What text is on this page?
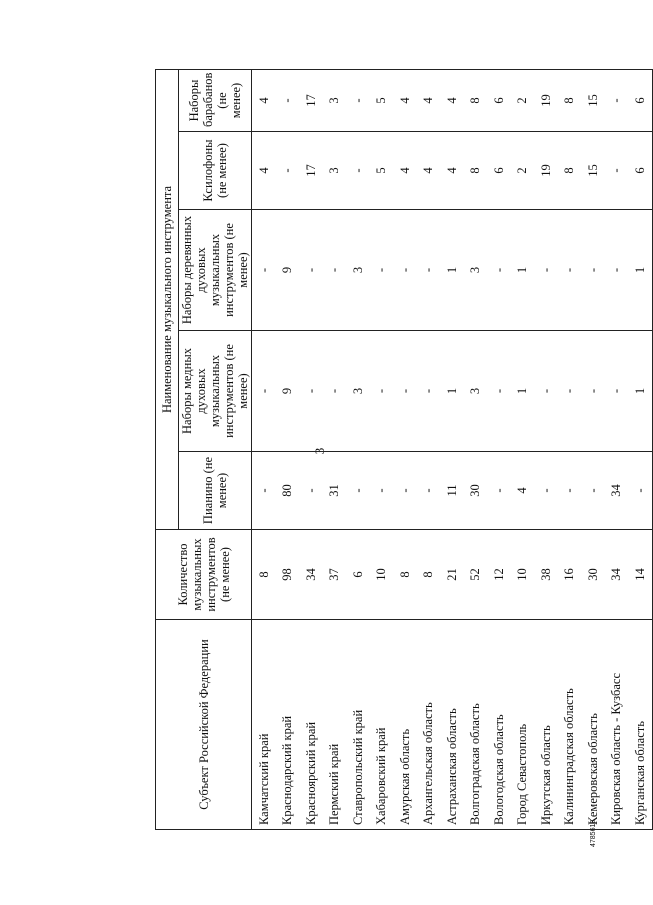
3
4785618
Субъект Российской Федерации	Количество музыкальных инструментов (не менее)	Наименование музыкального инструмента				
		Пианино (не менее)	Наборы медных духовых музыкальных инструментов (не менее)	Наборы деревянных духовых музыкальных инструментов (не менее)	Ксилофоны (не менее)	Наборы барабанов (не менее)
Камчатский край	8	-	-	-	4	4
Краснодарский край	98	80	9	9	-	-
Красноярский край	34	-	-	-	17	17
Пермский край	37	31	-	-	3	3
Ставропольский край	6	-	3	3	-	-
Хабаровский край	10	-	-	-	5	5
Амурская область	8	-	-	-	4	4
Архангельская область	8	-	-	-	4	4
Астраханская область	21	11	1	1	4	4
Волгоградская область	52	30	3	3	8	8
Вологодская область	12	-	-	-	6	6
Город Севастополь	10	4	1	1	2	2
Иркутская область	38	-	-	-	19	19
Калининградская область	16	-	-	-	8	8
Кемеровская область	30	-	-	-	15	15
Кировская область - Кузбасс	34	34	-	-	-	-
Курганская область	14	-	1	1	6	6
